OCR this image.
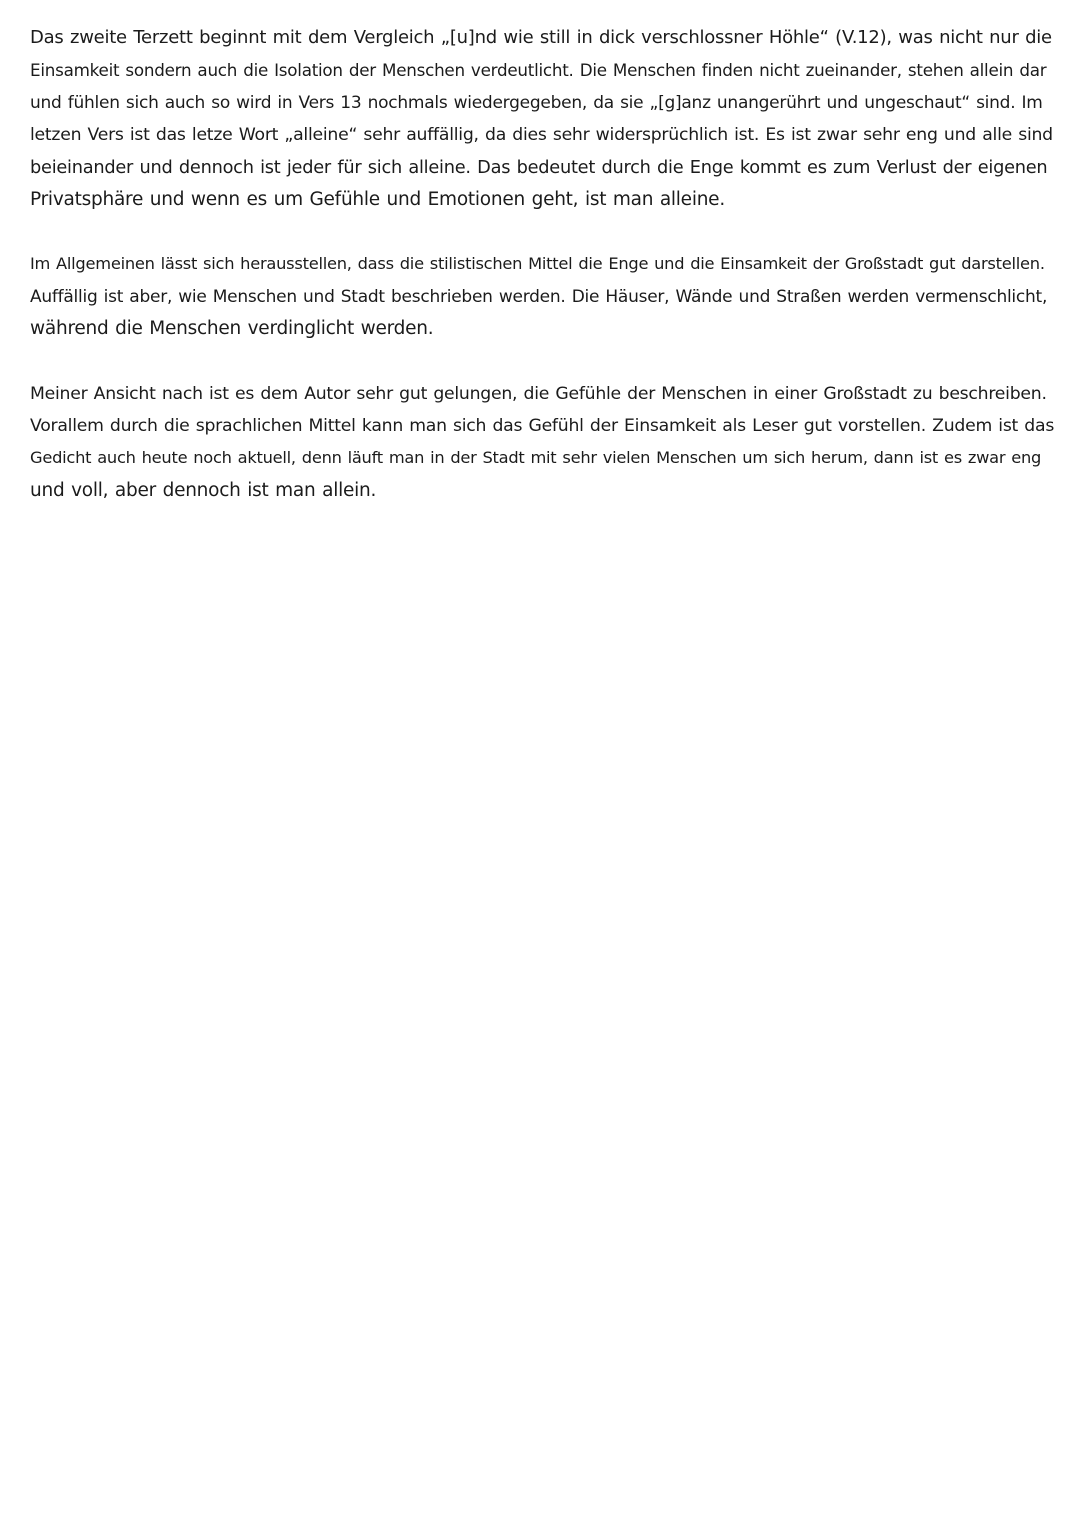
Das zweite Terzett beginnt mit dem Vergleich „[u]nd wie still in dick verschlossner Höhle“ (V.12), was nicht nur die
Einsamkeit sondern auch die Isolation der Menschen verdeutlicht. Die Menschen finden nicht zueinander, stehen allein dar
und fühlen sich auch so wird in Vers 13 nochmals wiedergegeben, da sie „[g]anz unangerührt und ungeschaut“ sind. Im
letzen Vers ist das letze Wort „alleine“ sehr auffällig, da dies sehr widersprüchlich ist. Es ist zwar sehr eng und alle sind
beieinander und dennoch ist jeder für sich alleine. Das bedeutet durch die Enge kommt es zum Verlust der eigenen
Privatsphäre und wenn es um Gefühle und Emotionen geht, ist man alleine.
Im Allgemeinen lässt sich herausstellen, dass die stilistischen Mittel die Enge und die Einsamkeit der Großstadt gut darstellen.
Auffällig ist aber, wie Menschen und Stadt beschrieben werden. Die Häuser, Wände und Straßen werden vermenschlicht,
während die Menschen verdinglicht werden.
Meiner Ansicht nach ist es dem Autor sehr gut gelungen, die Gefühle der Menschen in einer Großstadt zu beschreiben.
Vorallem durch die sprachlichen Mittel kann man sich das Gefühl der Einsamkeit als Leser gut vorstellen. Zudem ist das
Gedicht auch heute noch aktuell, denn läuft man in der Stadt mit sehr vielen Menschen um sich herum, dann ist es zwar eng
und voll, aber dennoch ist man allein.
